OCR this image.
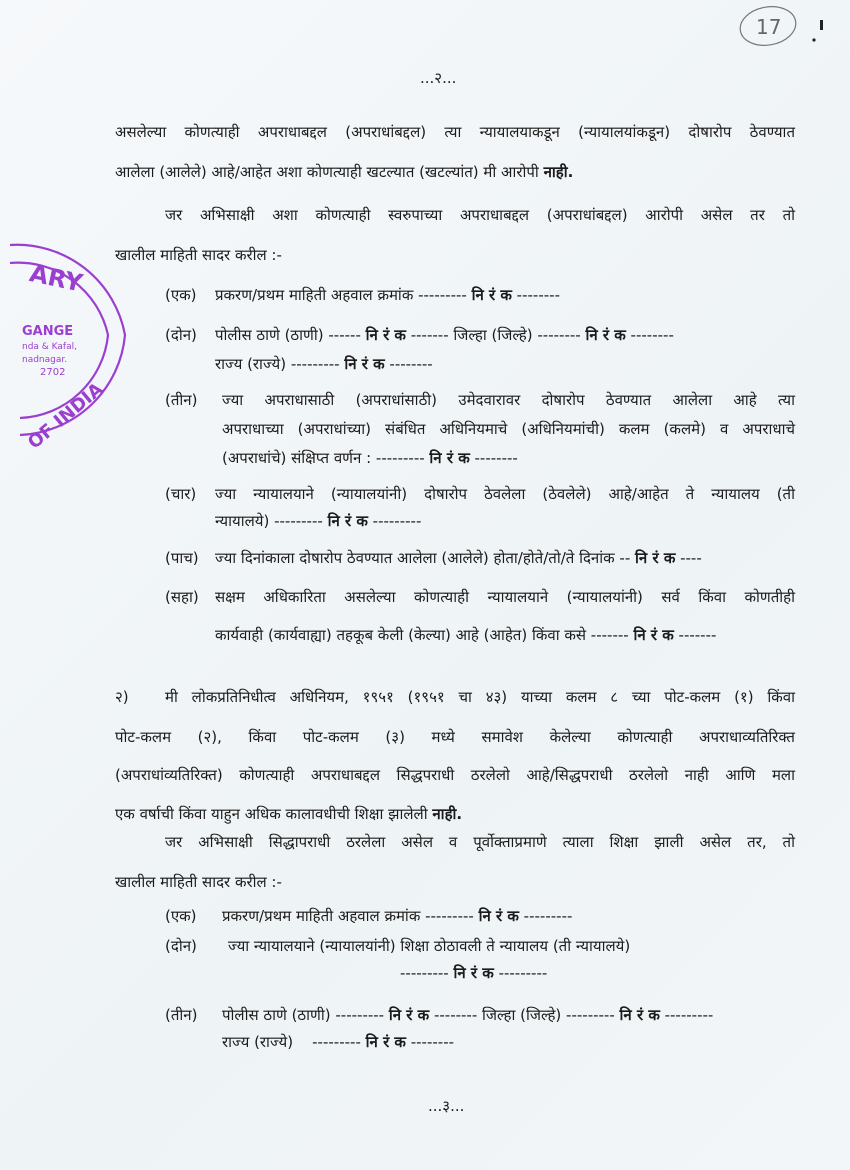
...२...
17
ARY
GANGE
nda & Kafal,
nadnagar.
2702
OF INDIA
असलेल्या कोणत्याही अपराधाबद्दल (अपराधांबद्दल) त्या न्यायालयाकडून (न्यायालयांकडून) दोषारोप ठेवण्यात
आलेला (आलेले) आहे/आहेत अशा कोणत्याही खटल्यात (खटल्यांत) मी आरोपी नाही.
जर अभिसाक्षी अशा कोणत्याही स्वरुपाच्या अपराधाबद्दल (अपराधांबद्दल) आरोपी असेल तर तो
खालील माहिती सादर करील :-
(एक) प्रकरण/प्रथम माहिती अहवाल क्रमांक --------- नि रं क --------
(दोन) पोलीस ठाणे (ठाणी) ------ नि रं क ------- जिल्हा (जिल्हे) -------- नि रं क --------
राज्य (राज्ये) --------- नि रं क --------
(तीन) ज्या अपराधासाठी (अपराधांसाठी) उमेदवारावर दोषारोप ठेवण्यात आलेला आहे त्या
अपराधाच्या (अपराधांच्या) संबंधित अधिनियमाचे (अधिनियमांची) कलम (कलमे) व अपराधाचे
(अपराधांचे) संक्षिप्त वर्णन : --------- नि रं क --------
(चार) ज्या न्यायालयाने (न्यायालयांनी) दोषारोप ठेवलेला (ठेवलेले) आहे/आहेत ते न्यायालय (ती
न्यायालये) --------- नि रं क ---------
(पाच) ज्या दिनांकाला दोषारोप ठेवण्यात आलेला (आलेले) होता/होते/तो/ते दिनांक -- नि रं क ----
(सहा) सक्षम अधिकारिता असलेल्या कोणत्याही न्यायालयाने (न्यायालयांनी) सर्व किंवा कोणतीही
कार्यवाही (कार्यवाह्या) तहकूब केली (केल्या) आहे (आहेत) किंवा कसे ------- नि रं क -------
२) मी लोकप्रतिनिधीत्व अधिनियम, १९५१ (१९५१ चा ४३) याच्या कलम ८ च्या पोट-कलम (१) किंवा
पोट-कलम (२), किंवा पोट-कलम (३) मध्ये समावेश केलेल्या कोणत्याही अपराधाव्यतिरिक्त
(अपराधांव्यतिरिक्त) कोणत्याही अपराधाबद्दल सिद्धपराधी ठरलेलो आहे/सिद्धपराधी ठरलेलो नाही आणि मला
एक वर्षाची किंवा याहुन अधिक कालावधीची शिक्षा झालेली नाही.
जर अभिसाक्षी सिद्धापराधी ठरलेला असेल व पूर्वोक्ताप्रमाणे त्याला शिक्षा झाली असेल तर, तो
खालील माहिती सादर करील :-
(एक) प्रकरण/प्रथम माहिती अहवाल क्रमांक --------- नि रं क ---------
(दोन) ज्या न्यायालयाने (न्यायालयांनी) शिक्षा ठोठावली ते न्यायालय (ती न्यायालये)
--------- नि रं क ---------
(तीन) पोलीस ठाणे (ठाणी) --------- नि रं क -------- जिल्हा (जिल्हे) --------- नि रं क ---------
राज्य (राज्ये)    --------- नि रं क --------
...३...
